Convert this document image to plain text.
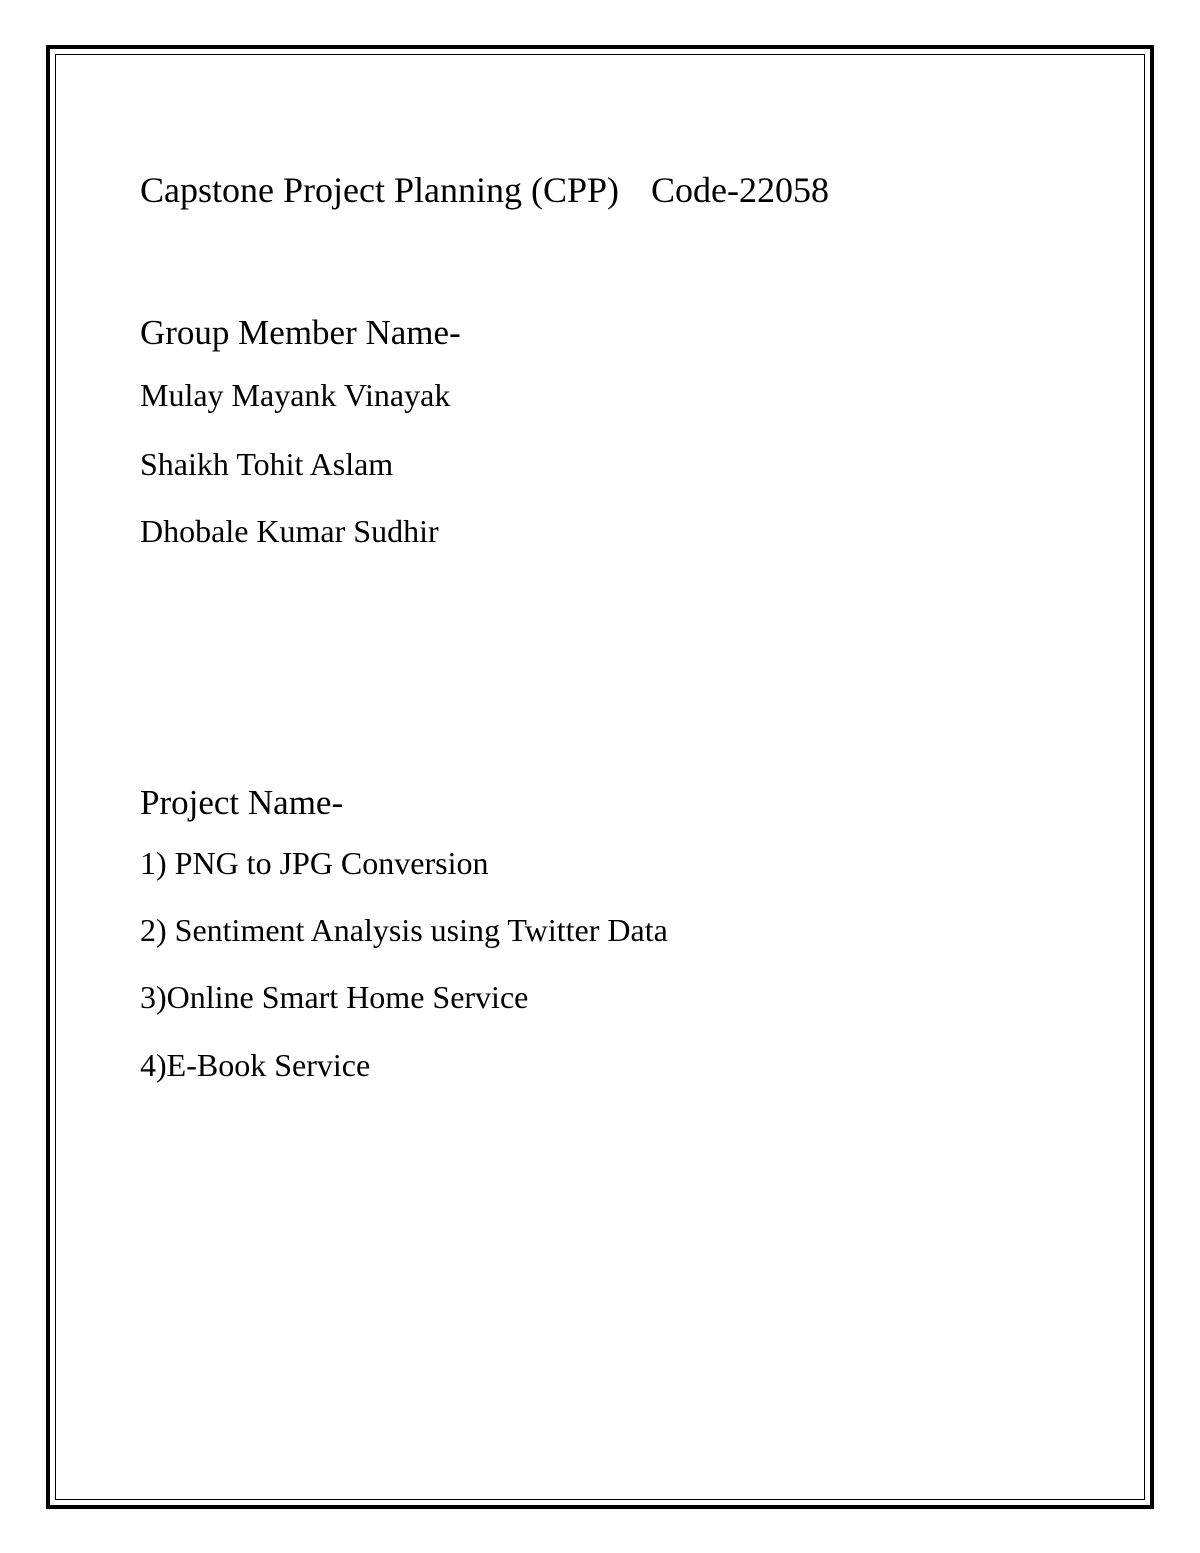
Capstone Project Planning (CPP) Code-22058
Group Member Name-
Mulay Mayank Vinayak
Shaikh Tohit Aslam
Dhobale Kumar Sudhir
Project Name-
1) PNG to JPG Conversion
2) Sentiment Analysis using Twitter Data
3)Online Smart Home Service
4)E-Book Service
